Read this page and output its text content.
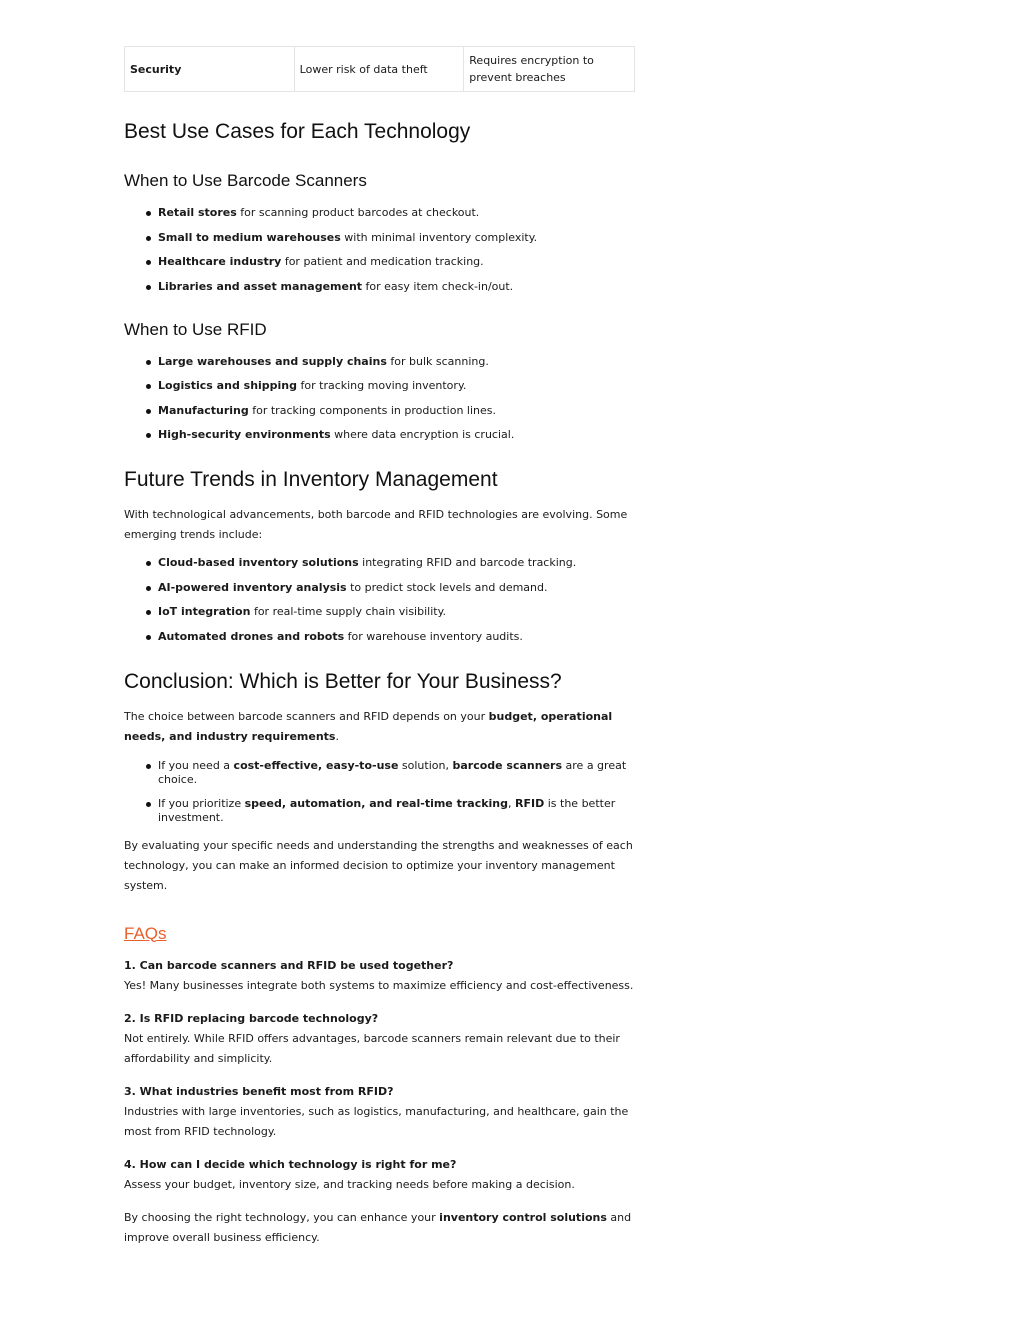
Security	Lower risk of data theft	Requires encryption to prevent breaches
Best Use Cases for Each Technology
When to Use Barcode Scanners
Retail stores for scanning product barcodes at checkout.
Small to medium warehouses with minimal inventory complexity.
Healthcare industry for patient and medication tracking.
Libraries and asset management for easy item check-in/out.
When to Use RFID
Large warehouses and supply chains for bulk scanning.
Logistics and shipping for tracking moving inventory.
Manufacturing for tracking components in production lines.
High-security environments where data encryption is crucial.
Future Trends in Inventory Management

With technological advancements, both barcode and RFID technologies are evolving. Some emerging trends include:

Cloud-based inventory solutions integrating RFID and barcode tracking.
AI-powered inventory analysis to predict stock levels and demand.
IoT integration for real-time supply chain visibility.
Automated drones and robots for warehouse inventory audits.
Conclusion: Which is Better for Your Business?

The choice between barcode scanners and RFID depends on your budget, operational needs, and industry requirements.

If you need a cost-effective, easy-to-use solution, barcode scanners are a great choice.
If you prioritize speed, automation, and real-time tracking, RFID is the better investment.

By evaluating your specific needs and understanding the strengths and weaknesses of each technology, you can make an informed decision to optimize your inventory management system.

FAQs
1. Can barcode scanners and RFID be used together?
Yes! Many businesses integrate both systems to maximize efficiency and cost-effectiveness.
2. Is RFID replacing barcode technology?
Not entirely. While RFID offers advantages, barcode scanners remain relevant due to their affordability and simplicity.
3. What industries benefit most from RFID?
Industries with large inventories, such as logistics, manufacturing, and healthcare, gain the most from RFID technology.
4. How can I decide which technology is right for me?
Assess your budget, inventory size, and tracking needs before making a decision.

By choosing the right technology, you can enhance your inventory control solutions and improve overall business efficiency.
